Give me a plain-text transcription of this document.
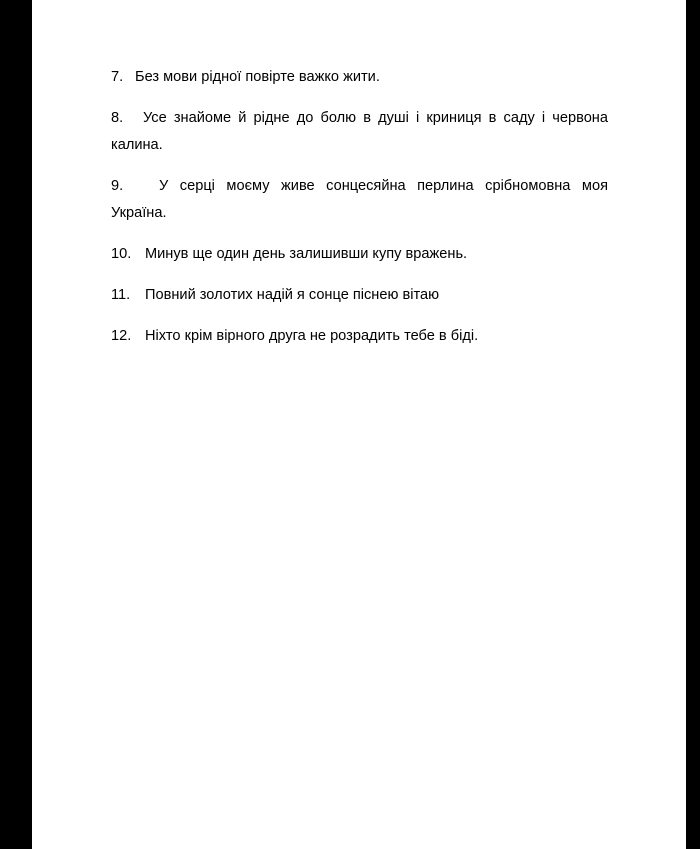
7. Без мови рідної повірте важко жити.

8. Усе знайоме й рідне до болю в душі і криниця в саду і червона калина.

9. У серці моєму живе сонцесяйна перлина срібномовна моя Україна.

10. Минув ще один день залишивши купу вражень.

11. Повний золотих надій я сонце піснею вітаю

12. Ніхто крім вірного друга не розрадить тебе в біді.
